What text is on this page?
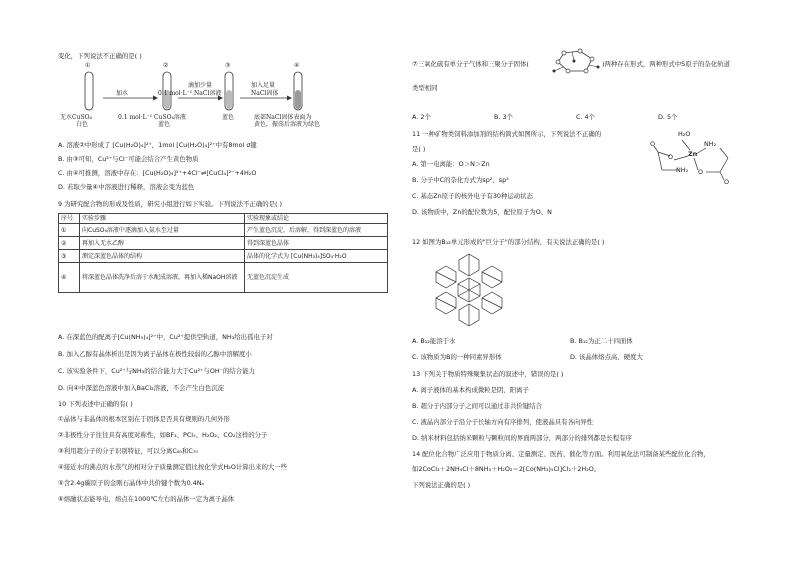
变化，下列说法不正确的是( )
①	②	③	④
加水
滴加少量
0.1 mol·L⁻¹ NaCl溶液
加入足量
NaCl固体
无水CuSO₄
白色
0.1 mol·L⁻¹ CuSO₄溶液
蓝色
蓝色	底部NaCl固体表面为
黄色，振荡后溶液为绿色
A. 溶液②中形成了 [Cu(H₂O)₄]²⁺，1mol [Cu(H₂O)₄]²⁺中有8mol σ键
B. 由③可知，Cu²⁺与Cl⁻可能会结合产生黄色物质
C. 由④可推测，溶液中存在：[Cu(H₂O)₄]²⁺+4Cl⁻⇌[CuCl₄]²⁻+4H₂O
D. 若取少量④中溶液进行稀释，溶液会变为蓝色
9 为研究配合物的形成及性质，研究小组进行如下实验。下列说法不正确的是( )
序号	实验步骤	实验现象或结论
①	向CuSO₄溶液中逐滴加入氨水至过量	产生蓝色沉淀，后溶解，得到深蓝色的溶液
②	再加入无水乙醇	得到深蓝色晶体
③	测定深蓝色晶体的结构	晶体的化学式为 [Cu(NH₃)₄]SO₄·H₂O
④	将深蓝色晶体洗净后溶于水配成溶液，再加入稀NaOH溶液	无蓝色沉淀生成
A. 在深蓝色的配离子[Cu(NH₃)₄]²⁺中，Cu²⁺提供空轨道，NH₃给出孤电子对
B. 加入乙醇有晶体析出是因为离子晶体在极性较弱的乙醇中溶解度小
C. 该实验条件下，Cu²⁺与NH₃的结合能力大于Cu²⁺与OH⁻的结合能力
D. 向④中深蓝色溶液中加入BaCl₂溶液，不会产生白色沉淀
10 下列表述中正确的有( )
①晶体与非晶体的根本区别在于固体是否具有规则的几何外形
②非极性分子往往具有高度对称性，如BF₃、PCl₅、H₂O₂、CO₂这样的分子
③利用超分子的分子识别特征，可以分离C₆₀和C₇₀
④接近水的沸点的水蒸气的相对分子质量测定值比按化学式H₂O计算出来的大一些
⑤含2.4g碳原子的金刚石晶体中共价键个数为0.4Nₐ
⑥熔融状态能导电，熔点在1000℃左右的晶体一定为离子晶体
⑦三氧化硫有单分子气体和三聚分子固体(	)两种存在形式，两种形式中S原子的杂化轨道
类型相同
A. 2个	B. 3个	C. 4个	D. 5个
11 一种矿物类饲料添加剂的结构简式如图所示，下列说法不正确的
是( )
H₂O
NH₂
Zn
O
O
NH₂ O
O
A. 第一电离能：O＞N＞Zn
B. 分子中C的杂化方式为sp²、sp³
C. 基态Zn原子的核外电子有30种运动状态
D. 该物质中，Zn的配位数为5，配位原子为O、N
12 如图为B₁₂单元形成的"巨分子"的部分结构，有关说法正确的是( )
A. B₁₂能溶于水	B. B₁₂为正二十四面体
C. 该物质为B的一种同素异形体	D. 该晶体熔点高、硬度大
13 下列关于物质特殊聚集状态的叙述中，错误的是( )
A. 离子液体的基本构成微粒是阴、阳离子
B. 超分子内部分子之间可以通过非共价键结合
C. 液晶内部分子沿分子长轴方向有序排列，使液晶具有各向异性
D. 纳米材料包括纳米颗粒与颗粒间的界面两部分，两部分的排列都是长程有序
14 配位化合物广泛应用于物质分离、定量测定、医药、催化等方面。利用氧化法可制备某些配位化合物，
如2CoCl₂＋2NH₄Cl＋8NH₃＋H₂O₂＝2[Co(NH₃)₅Cl]Cl₂＋2H₂O。
下列说法正确的是( )
